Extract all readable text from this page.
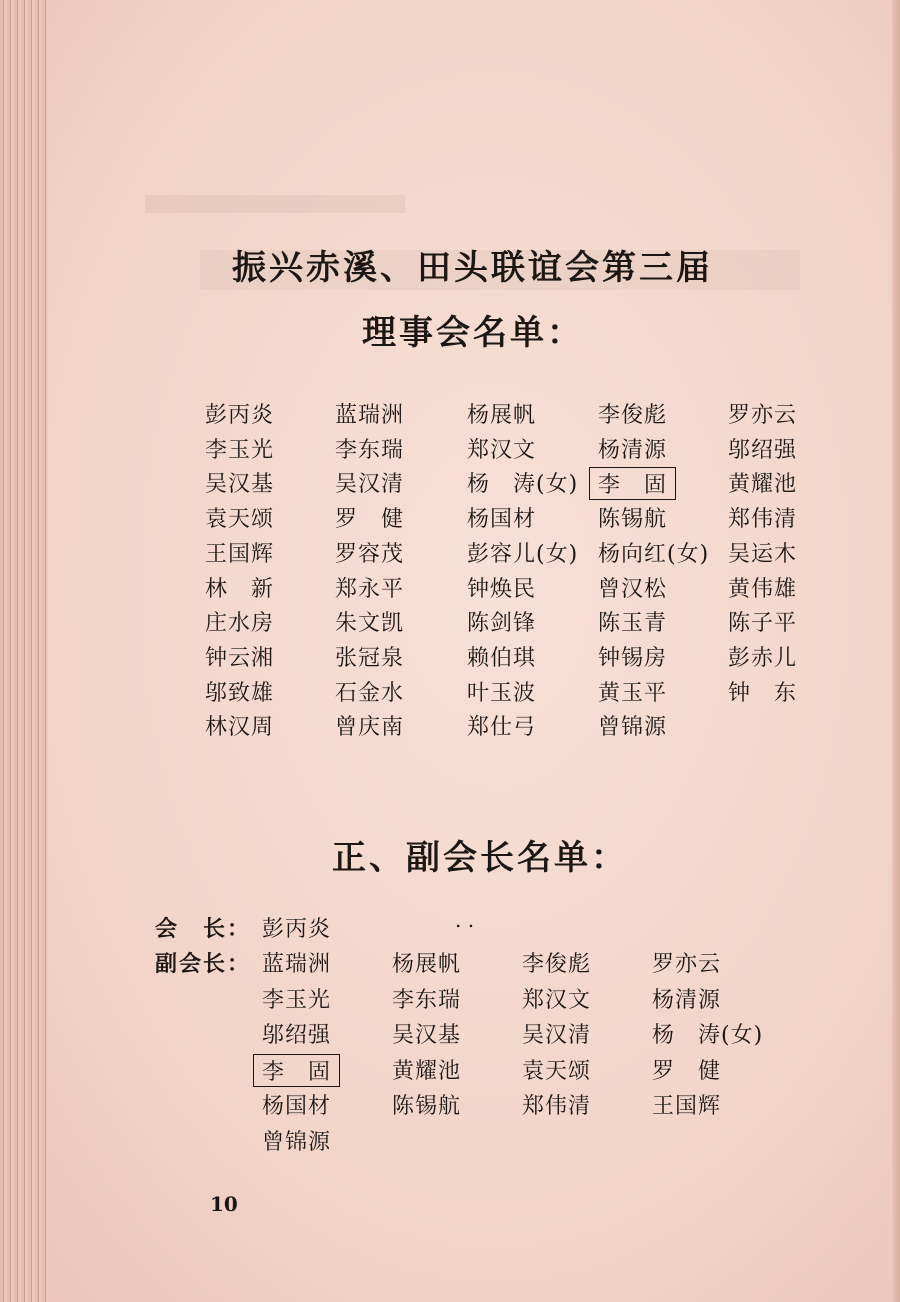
振兴赤溪、田头联谊会第三届
理事会名单：
彭丙炎	蓝瑞洲	杨展帆	李俊彪	罗亦云
李玉光	李东瑞	郑汉文	杨清源	邬绍强
吴汉基	吴汉清	杨　涛(女) 李　固	黄耀池
袁天颂	罗　健	杨国材	陈锡航	郑伟清
王国辉	罗容茂	彭容儿(女) 杨向红(女) 吴运木
林　新	郑永平	钟焕民	曾汉松	黄伟雄
庄水房	朱文凯	陈剑锋	陈玉青	陈子平
钟云湘	张冠泉	赖伯琪	钟锡房	彭赤儿
邬致雄	石金水	叶玉波	黄玉平	钟　东
林汉周	曾庆南	郑仕弓	曾锦源
正、副会长名单：
会　长： 彭丙炎	. .
副会长： 蓝瑞洲	杨展帆	李俊彪	罗亦云
李玉光	李东瑞	郑汉文	杨清源
邬绍强	吴汉基	吴汉清	杨　涛(女)
李　固	黄耀池	袁天颂	罗　健
杨国材	陈锡航	郑伟清	王国辉
曾锦源
10
